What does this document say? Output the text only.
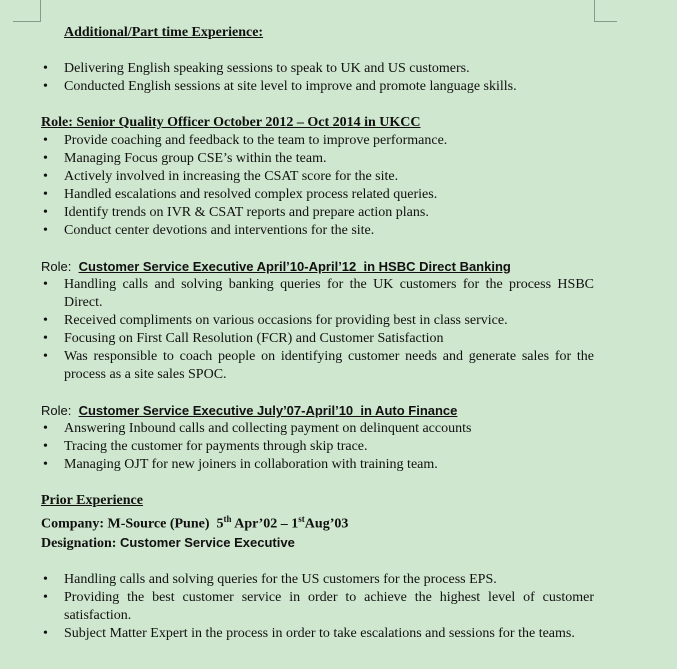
Additional/Part time Experience:
• Delivering English speaking sessions to speak to UK and US customers.
• Conducted English sessions at site level to improve and promote language skills.
Role: Senior Quality Officer October 2012 – Oct 2014 in UKCC
• Provide coaching and feedback to the team to improve performance.
• Managing Focus group CSE’s within the team.
• Actively involved in increasing the CSAT score for the site.
• Handled escalations and resolved complex process related queries.
• Identify trends on IVR & CSAT reports and prepare action plans.
• Conduct center devotions and interventions for the site.
Role:  Customer Service Executive April’10-April’12  in HSBC Direct Banking
• Handling calls and solving banking queries for the UK customers for the process HSBC Direct.
• Received compliments on various occasions for providing best in class service.
• Focusing on First Call Resolution (FCR) and Customer Satisfaction
• Was responsible to coach people on identifying customer needs and generate sales for the process as a site sales SPOC.
Role:  Customer Service Executive July’07-April’10  in Auto Finance
• Answering Inbound calls and collecting payment on delinquent accounts
• Tracing the customer for payments through skip trace.
• Managing OJT for new joiners in collaboration with training team.
Prior Experience
Company: M-Source (Pune)  5th Apr’02 – 1stAug’03
Designation: Customer Service Executive
• Handling calls and solving queries for the US customers for the process EPS.
• Providing the best customer service in order to achieve the highest level of customer satisfaction.
• Subject Matter Expert in the process in order to take escalations and sessions for the teams.
